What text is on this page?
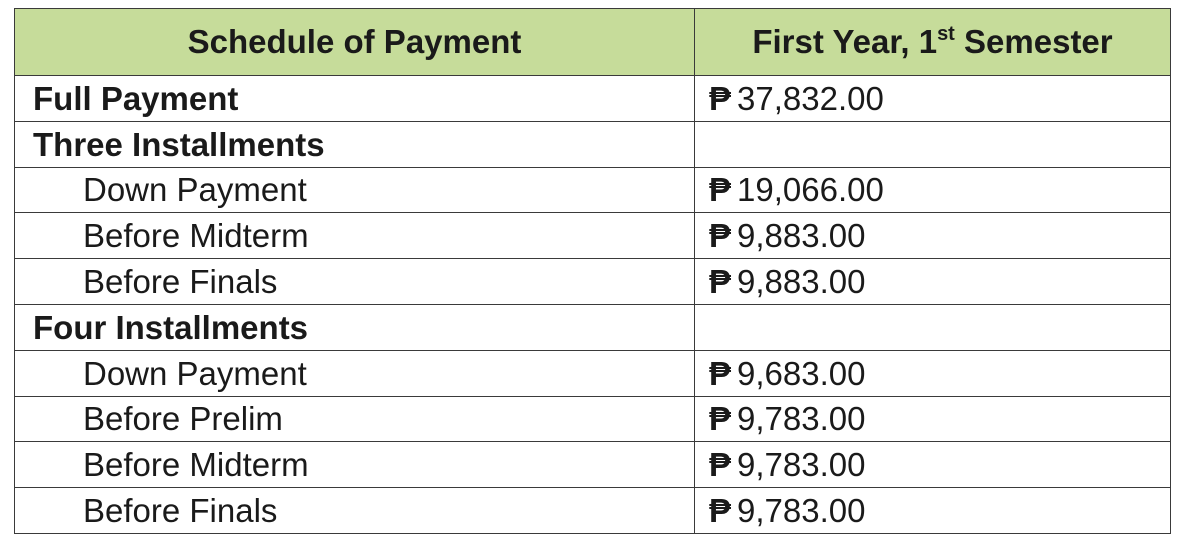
Schedule of Payment	First Year, 1st Semester
Full Payment	₱ 37,832.00
Three Installments	
Down Payment	₱ 19,066.00
Before Midterm	₱ 9,883.00
Before Finals	₱ 9,883.00
Four Installments	
Down Payment	₱ 9,683.00
Before Prelim	₱ 9,783.00
Before Midterm	₱ 9,783.00
Before Finals	₱ 9,783.00
